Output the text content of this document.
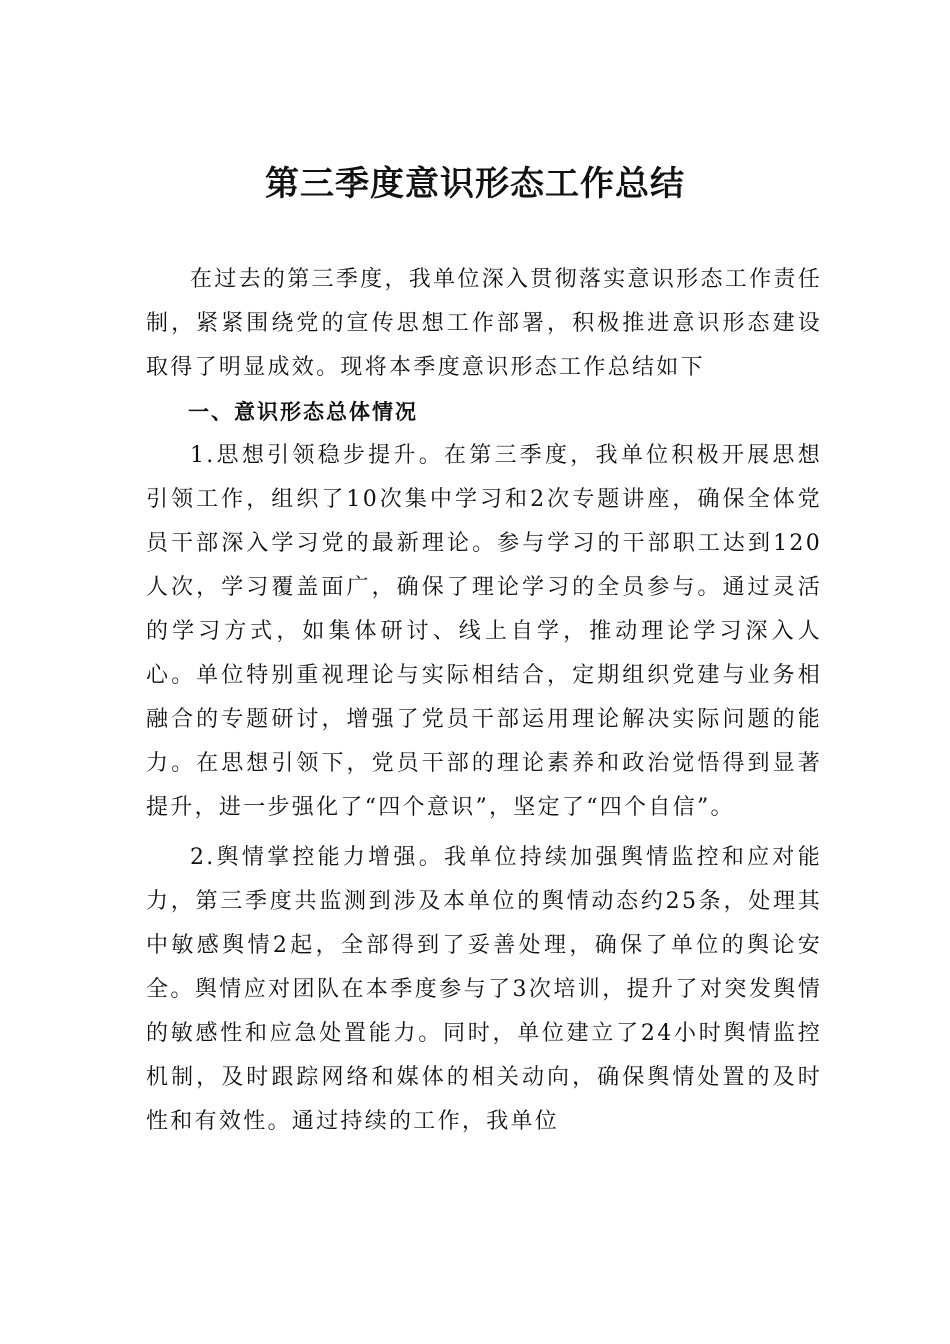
第三季度意识形态工作总结

在过去的第三季度，我单位深入贯彻落实意识形态工作责任制，紧紧围绕党的宣传思想工作部署，积极推进意识形态建设取得了明显成效。现将本季度意识形态工作总结如下

一、意识形态总体情况

1.思想引领稳步提升。在第三季度，我单位积极开展思想引领工作，组织了10次集中学习和2次专题讲座，确保全体党员干部深入学习党的最新理论。参与学习的干部职工达到120人次，学习覆盖面广，确保了理论学习的全员参与。通过灵活的学习方式，如集体研讨、线上自学，推动理论学习深入人心。单位特别重视理论与实际相结合，定期组织党建与业务相融合的专题研讨，增强了党员干部运用理论解决实际问题的能力。在思想引领下，党员干部的理论素养和政治觉悟得到显著提升，进一步强化了“四个意识”，坚定了“四个自信”。

2.舆情掌控能力增强。我单位持续加强舆情监控和应对能力，第三季度共监测到涉及本单位的舆情动态约25条，处理其中敏感舆情2起，全部得到了妥善处理，确保了单位的舆论安全。舆情应对团队在本季度参与了3次培训，提升了对突发舆情的敏感性和应急处置能力。同时，单位建立了24小时舆情监控机制，及时跟踪网络和媒体的相关动向，确保舆情处置的及时性和有效性。通过持续的工作，我单位
